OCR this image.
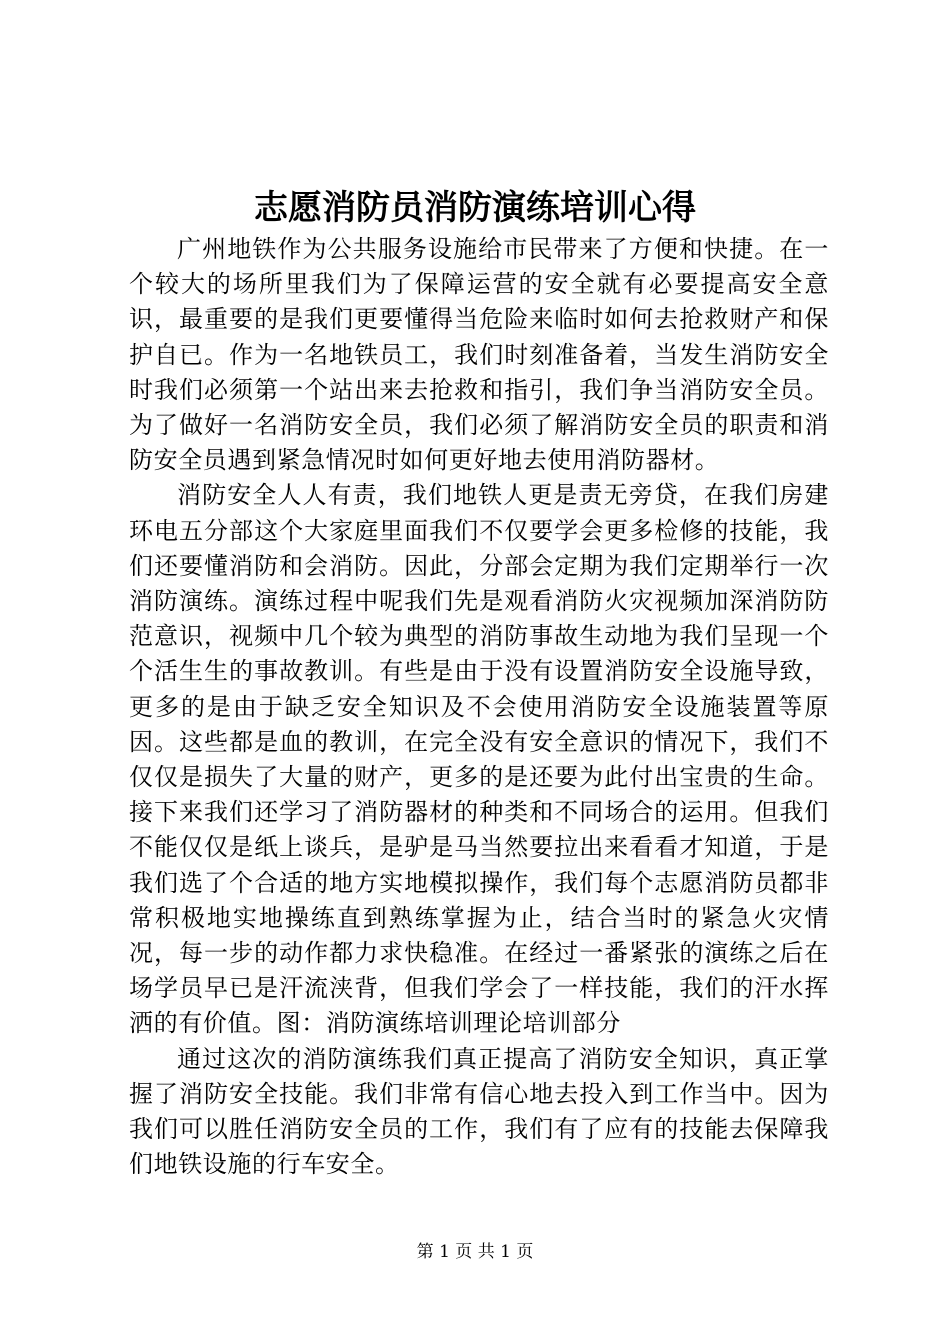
志愿消防员消防演练培训心得

广州地铁作为公共服务设施给市民带来了方便和快捷。在一个较大的场所里我们为了保障运营的安全就有必要提高安全意识，最重要的是我们更要懂得当危险来临时如何去抢救财产和保护自已。作为一名地铁员工，我们时刻准备着，当发生消防安全时我们必须第一个站出来去抢救和指引，我们争当消防安全员。为了做好一名消防安全员，我们必须了解消防安全员的职责和消防安全员遇到紧急情况时如何更好地去使用消防器材。

消防安全人人有责，我们地铁人更是责无旁贷，在我们房建环电五分部这个大家庭里面我们不仅要学会更多检修的技能，我们还要懂消防和会消防。因此，分部会定期为我们定期举行一次消防演练。演练过程中呢我们先是观看消防火灾视频加深消防防范意识，视频中几个较为典型的消防事故生动地为我们呈现一个个活生生的事故教训。有些是由于没有设置消防安全设施导致，更多的是由于缺乏安全知识及不会使用消防安全设施装置等原因。这些都是血的教训，在完全没有安全意识的情况下，我们不仅仅是损失了大量的财产，更多的是还要为此付出宝贵的生命。接下来我们还学习了消防器材的种类和不同场合的运用。但我们不能仅仅是纸上谈兵，是驴是马当然要拉出来看看才知道，于是我们选了个合适的地方实地模拟操作，我们每个志愿消防员都非常积极地实地操练直到熟练掌握为止，结合当时的紧急火灾情况，每一步的动作都力求快稳准。在经过一番紧张的演练之后在场学员早已是汗流浃背，但我们学会了一样技能，我们的汗水挥洒的有价值。图：消防演练培训理论培训部分

通过这次的消防演练我们真正提高了消防安全知识，真正掌握了消防安全技能。我们非常有信心地去投入到工作当中。因为我们可以胜任消防安全员的工作，我们有了应有的技能去保障我们地铁设施的行车安全。

第 1 页 共 1 页
